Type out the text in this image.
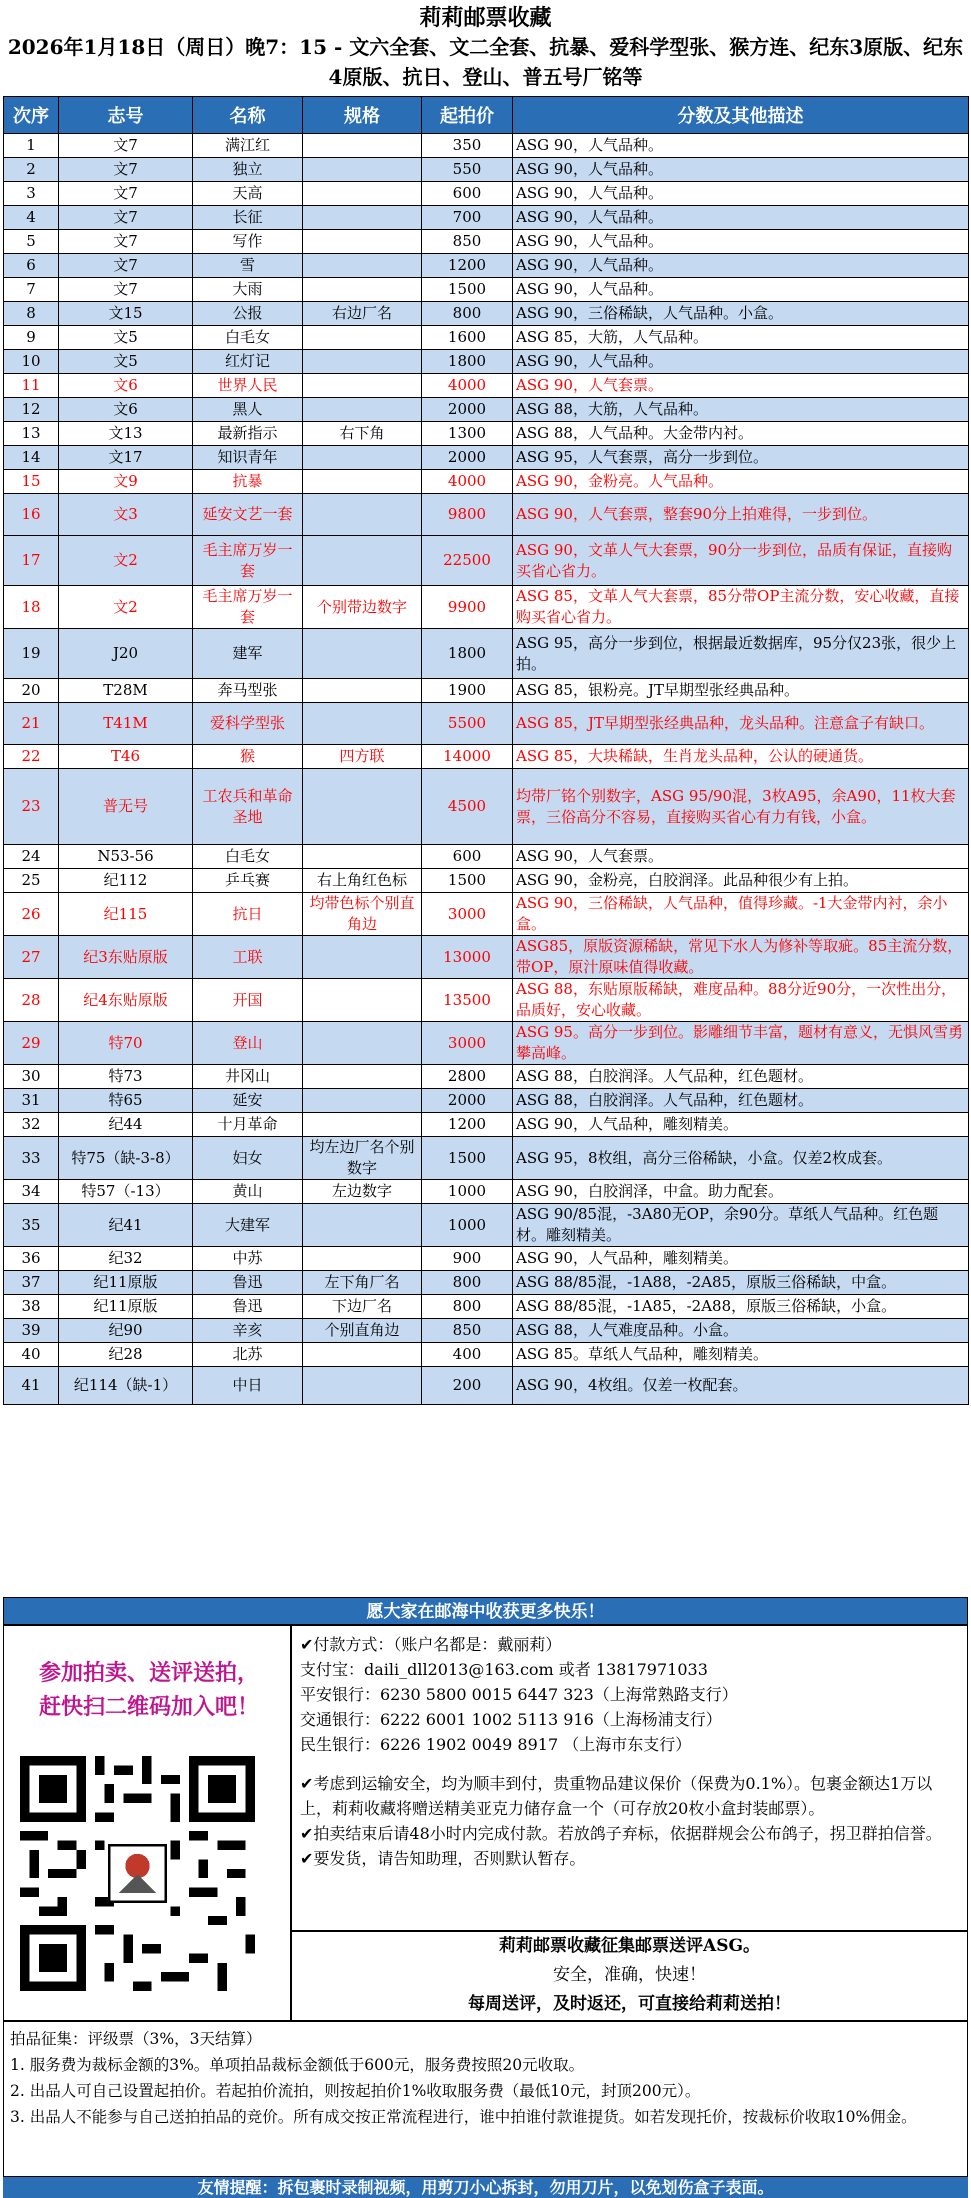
莉莉邮票收藏
2026年1月18日（周日）晚7：15 - 文六全套、文二全套、抗暴、爱科学型张、猴方连、纪东3原版、纪东4原版、抗日、登山、普五号厂铭等
次序	志号	名称	规格	起拍价	分数及其他描述
1	文7	满江红		350	ASG 90，人气品种。
2	文7	独立		550	ASG 90，人气品种。
3	文7	天高		600	ASG 90，人气品种。
4	文7	长征		700	ASG 90，人气品种。
5	文7	写作		850	ASG 90，人气品种。
6	文7	雪		1200	ASG 90，人气品种。
7	文7	大雨		1500	ASG 90，人气品种。
8	文15	公报	右边厂名	800	ASG 90，三俗稀缺，人气品种。小盒。
9	文5	白毛女		1600	ASG 85，大筋，人气品种。
10	文5	红灯记		1800	ASG 90，人气品种。
11	文6	世界人民		4000	ASG 90，人气套票。
12	文6	黑人		2000	ASG 88，大筋，人气品种。
13	文13	最新指示	右下角	1300	ASG 88，人气品种。大金带内衬。
14	文17	知识青年		2000	ASG 95，人气套票，高分一步到位。
15	文9	抗暴		4000	ASG 90，金粉亮。人气品种。
16	文3	延安文艺一套		9800	ASG 90，人气套票，整套90分上拍难得，一步到位。
17	文2	毛主席万岁一套		22500	ASG 90，文革人气大套票，90分一步到位，品质有保证，直接购买省心省力。
18	文2	毛主席万岁一套	个别带边数字	9900	ASG 85，文革人气大套票，85分带OP主流分数，安心收藏，直接购买省心省力。
19	J20	建军		1800	ASG 95，高分一步到位，根据最近数据库，95分仅23张，很少上拍。
20	T28M	奔马型张		1900	ASG 85，银粉亮。JT早期型张经典品种。
21	T41M	爱科学型张		5500	ASG 85，JT早期型张经典品种，龙头品种。注意盒子有缺口。
22	T46	猴	四方联	14000	ASG 85，大块稀缺，生肖龙头品种，公认的硬通货。
23	普无号	工农兵和革命圣地		4500	均带厂铭个别数字，ASG 95/90混，3枚A95，余A90，11枚大套票，三俗高分不容易，直接购买省心有力有钱，小盒。
24	N53-56	白毛女		600	ASG 90，人气套票。
25	纪112	乒乓赛	右上角红色标	1500	ASG 90，金粉亮，白胶润泽。此品种很少有上拍。
26	纪115	抗日	均带色标个别直角边	3000	ASG 90，三俗稀缺，人气品种，值得珍藏。-1大金带内衬，余小盒。
27	纪3东贴原版	工联		13000	ASG85，原版资源稀缺，常见下水人为修补等取疵。85主流分数，带OP，原汁原味值得收藏。
28	纪4东贴原版	开国		13500	ASG 88，东贴原版稀缺，难度品种。88分近90分，一次性出分，品质好，安心收藏。
29	特70	登山		3000	ASG 95。高分一步到位。影雕细节丰富，题材有意义，无惧风雪勇攀高峰。
30	特73	井冈山		2800	ASG 88，白胶润泽。人气品种，红色题材。
31	特65	延安		2000	ASG 88，白胶润泽。人气品种，红色题材。
32	纪44	十月革命		1200	ASG 90，人气品种，雕刻精美。
33	特75（缺-3-8）	妇女	均左边厂名个别数字	1500	ASG 95，8枚组，高分三俗稀缺，小盒。仅差2枚成套。
34	特57（-13）	黄山	左边数字	1000	ASG 90，白胶润泽，中盒。助力配套。
35	纪41	大建军		1000	ASG 90/85混，-3A80无OP，余90分。草纸人气品种。红色题材。雕刻精美。
36	纪32	中苏		900	ASG 90，人气品种，雕刻精美。
37	纪11原版	鲁迅	左下角厂名	800	ASG 88/85混，-1A88，-2A85，原版三俗稀缺，中盒。
38	纪11原版	鲁迅	下边厂名	800	ASG 88/85混，-1A85，-2A88，原版三俗稀缺，小盒。
39	纪90	辛亥	个别直角边	850	ASG 88，人气难度品种。小盒。
40	纪28	北苏		400	ASG 85。草纸人气品种，雕刻精美。
41	纪114（缺-1）	中日		200	ASG 90，4枚组。仅差一枚配套。
愿大家在邮海中收获更多快乐！
参加拍卖、送评送拍，
赶快扫二维码加入吧！

✔付款方式：（账户名都是：戴丽莉）

支付宝：daili_dll2013@163.com 或者 13817971033

平安银行：6230 5800 0015 6447 323（上海常熟路支行）

交通银行：6222 6001 1002 5113 916（上海杨浦支行）

民生银行：6226 1902 0049 8917 （上海市东支行）

✔考虑到运输安全，均为顺丰到付，贵重物品建议保价（保费为0.1%）。包裹金额达1万以上，莉莉收藏将赠送精美亚克力储存盒一个（可存放20枚小盒封装邮票）。

✔拍卖结束后请48小时内完成付款。若放鸽子弃标，依据群规会公布鸽子，拐卫群拍信誉。

✔要发货，请告知助理，否则默认暂存。

莉莉邮票收藏征集邮票送评ASG。
安全，准确，快速！
每周送评，及时返还，可直接给莉莉送拍！

拍品征集：评级票（3%，3天结算）

1. 服务费为裁标金额的3%。单项拍品裁标金额低于600元，服务费按照20元收取。

2. 出品人可自己设置起拍价。若起拍价流拍，则按起拍价1%收取服务费（最低10元，封顶200元）。

3. 出品人不能参与自己送拍拍品的竞价。所有成交按正常流程进行，谁中拍谁付款谁提货。如若发现托价，按裁标价收取10%佣金。

友情提醒：拆包裹时录制视频，用剪刀小心拆封，勿用刀片，以免划伤盒子表面。
